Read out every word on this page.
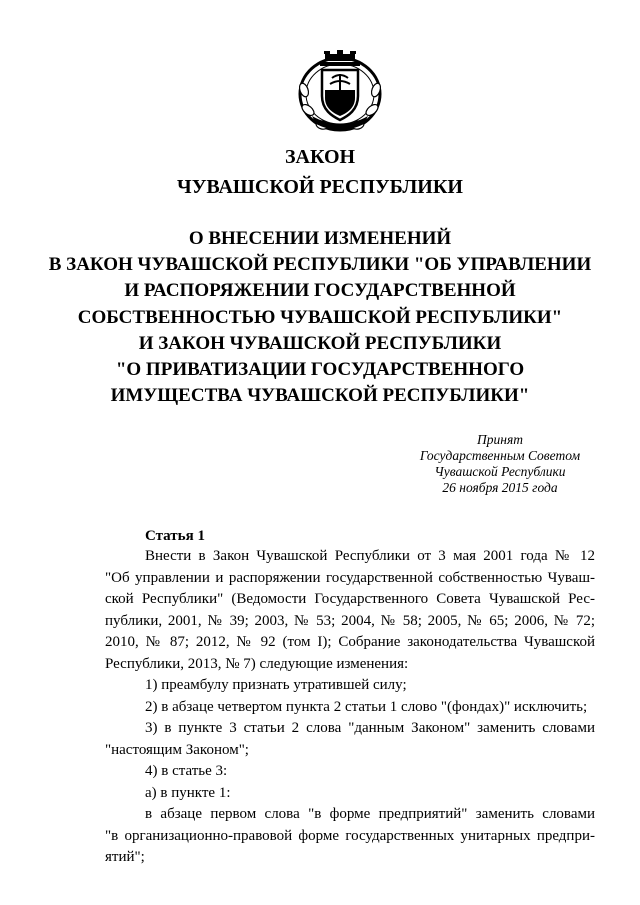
ЗАКОН
ЧУВАШСКОЙ РЕСПУБЛИКИ
О ВНЕСЕНИИ ИЗМЕНЕНИЙ
В ЗАКОН ЧУВАШСКОЙ РЕСПУБЛИКИ "ОБ УПРАВЛЕНИИ
И РАСПОРЯЖЕНИИ ГОСУДАРСТВЕННОЙ
СОБСТВЕННОСТЬЮ ЧУВАШСКОЙ РЕСПУБЛИКИ"
И ЗАКОН ЧУВАШСКОЙ РЕСПУБЛИКИ
"О ПРИВАТИЗАЦИИ ГОСУДАРСТВЕННОГО
ИМУЩЕСТВА ЧУВАШСКОЙ РЕСПУБЛИКИ"
Принят
Государственным Советом
Чувашской Республики
26 ноября 2015 года
Статья 1
Внести в Закон Чувашской Республики от 3 мая 2001 года № 12
"Об управлении и распоряжении государственной собственностью Чуваш-
ской Республики" (Ведомости Государственного Совета Чувашской Рес-
публики, 2001, № 39; 2003, № 53; 2004, № 58; 2005, № 65; 2006, № 72;
2010, № 87; 2012, № 92 (том I); Собрание законодательства Чувашской
Республики, 2013, № 7) следующие изменения:
1) преамбулу признать утратившей силу;
2) в абзаце четвертом пункта 2 статьи 1 слово "(фондах)" исключить;
3) в пункте 3 статьи 2 слова "данным Законом" заменить словами
"настоящим Законом";
4) в статье 3:
а) в пункте 1:
в абзаце первом слова "в форме предприятий" заменить словами
"в организационно-правовой форме государственных унитарных предпри-
ятий";
